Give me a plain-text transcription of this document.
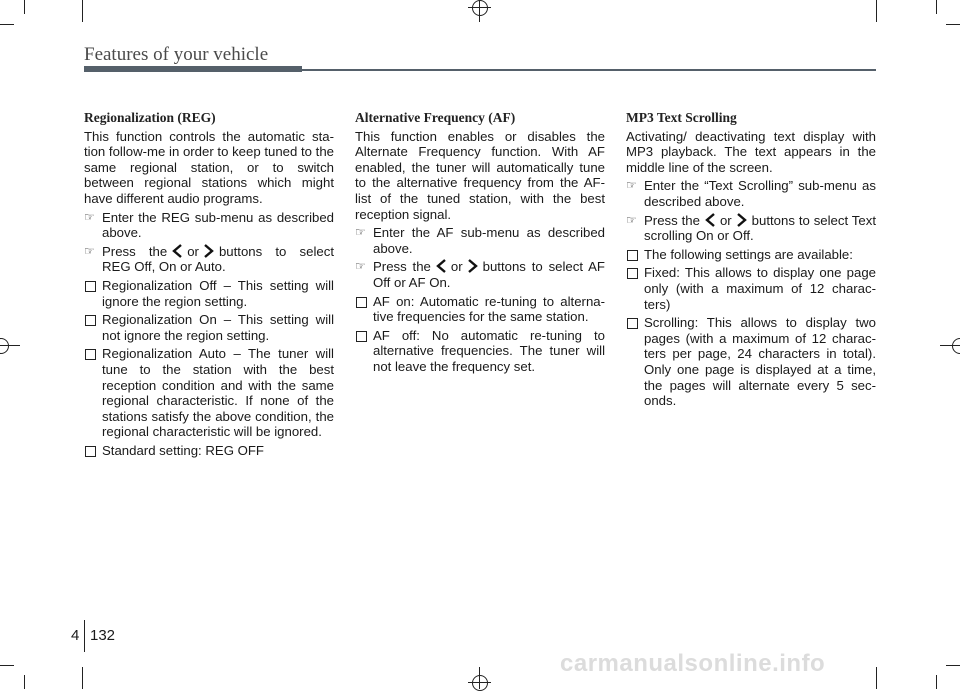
Features of your vehicle
Regionalization (REG)

This function controls the automatic sta-tion follow-me in order to keep tuned to the same regional station, or to switch between regional stations which might have different audio programs.

☞ Enter the REG sub-menu as described above.
☞ Press the or buttons to select REG Off, On or Auto.
Regionalization Off – This setting will ignore the region setting.
Regionalization On – This setting will not ignore the region setting.
Regionalization Auto – The tuner will tune to the station with the best reception condition and with the same regional characteristic. If none of the stations satisfy the above condition, the regional characteristic will be ignored.
Standard setting: REG OFF
Alternative Frequency (AF)

This function enables or disables the Alternate Frequency function. With AF enabled, the tuner will automatically tune to the alternative frequency from the AF-list of the tuned station, with the best reception signal.

☞ Enter the AF sub-menu as described above.
☞ Press the or buttons to select AF Off or AF On.
AF on: Automatic re-tuning to alterna-tive frequencies for the same station.
AF off: No automatic re-tuning to alternative frequencies. The tuner will not leave the frequency set.
MP3 Text Scrolling

Activating/ deactivating text display with MP3 playback. The text appears in the middle line of the screen.

☞ Enter the “Text Scrolling” sub-menu as described above.
☞ Press the or buttons to select Text scrolling On or Off.
The following settings are available:
Fixed: This allows to display one page only (with a maximum of 12 charac-ters)
Scrolling: This allows to display two pages (with a maximum of 12 charac-ters per page, 24 characters in total). Only one page is displayed at a time, the pages will alternate every 5 sec-onds.
4 132
carmanualsonline.info
